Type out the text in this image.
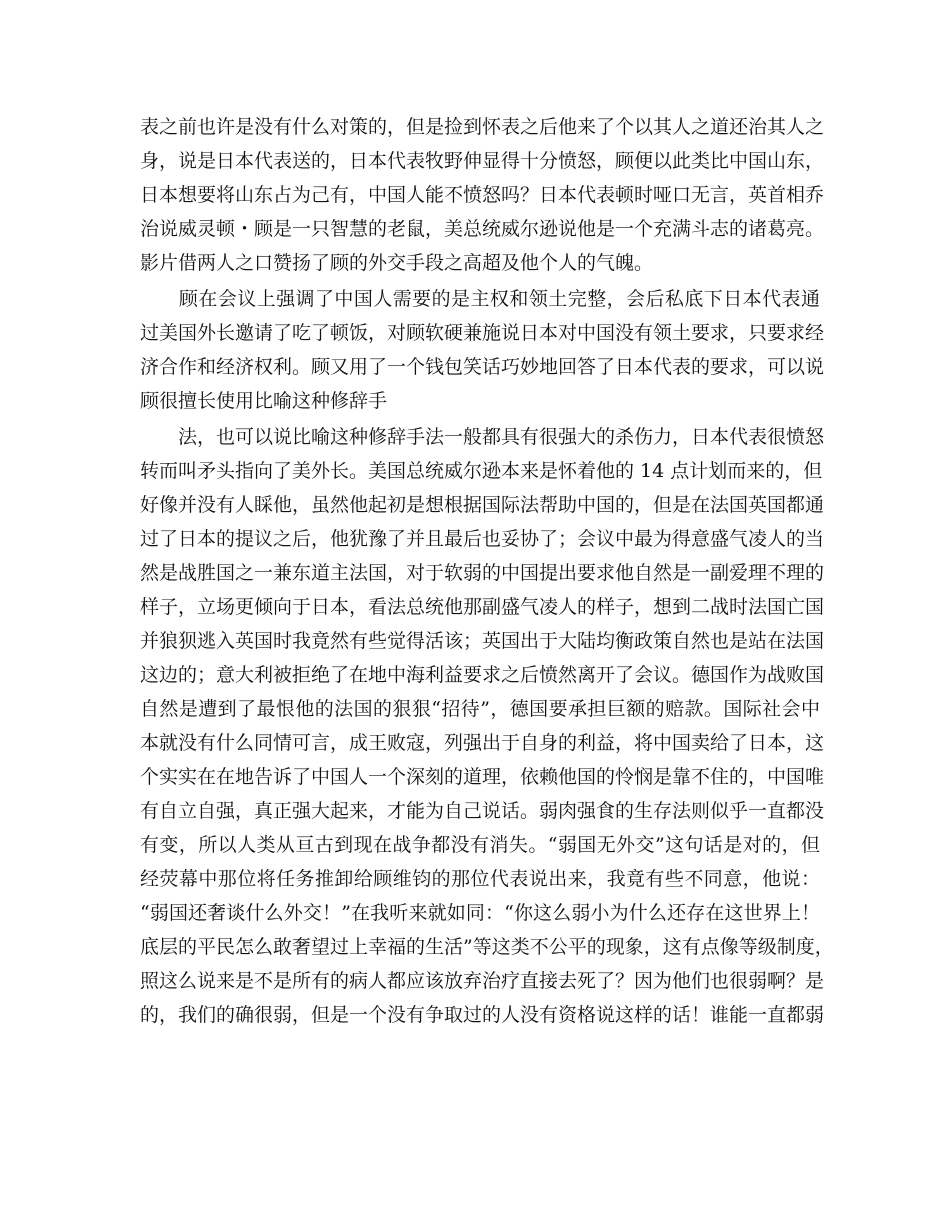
表之前也许是没有什么对策的，但是捡到怀表之后他来了个以其人之道还治其人之
身，说是日本代表送的，日本代表牧野伸显得十分愤怒，顾便以此类比中国山东，
日本想要将山东占为己有，中国人能不愤怒吗？日本代表顿时哑口无言，英首相乔
治说威灵顿・顾是一只智慧的老鼠，美总统威尔逊说他是一个充满斗志的诸葛亮。
影片借两人之口赞扬了顾的外交手段之高超及他个人的气魄。
　　顾在会议上强调了中国人需要的是主权和领土完整，会后私底下日本代表通
过美国外长邀请了吃了顿饭，对顾软硬兼施说日本对中国没有领土要求，只要求经
济合作和经济权利。顾又用了一个钱包笑话巧妙地回答了日本代表的要求，可以说
顾很擅长使用比喻这种修辞手
　　法，也可以说比喻这种修辞手法一般都具有很强大的杀伤力，日本代表很愤怒
转而叫矛头指向了美外长。美国总统威尔逊本来是怀着他的 14 点计划而来的，但
好像并没有人睬他，虽然他起初是想根据国际法帮助中国的，但是在法国英国都通
过了日本的提议之后，他犹豫了并且最后也妥协了；会议中最为得意盛气凌人的当
然是战胜国之一兼东道主法国，对于软弱的中国提出要求他自然是一副爱理不理的
样子，立场更倾向于日本，看法总统他那副盛气凌人的样子，想到二战时法国亡国
并狼狈逃入英国时我竟然有些觉得活该；英国出于大陆均衡政策自然也是站在法国
这边的；意大利被拒绝了在地中海利益要求之后愤然离开了会议。德国作为战败国
自然是遭到了最恨他的法国的狠狠“招待”，德国要承担巨额的赔款。国际社会中
本就没有什么同情可言，成王败寇，列强出于自身的利益，将中国卖给了日本，这
个实实在在地告诉了中国人一个深刻的道理，依赖他国的怜悯是靠不住的，中国唯
有自立自强，真正强大起来，才能为自己说话。弱肉强食的生存法则似乎一直都没
有变，所以人类从亘古到现在战争都没有消失。“弱国无外交”这句话是对的，但
经荧幕中那位将任务推卸给顾维钧的那位代表说出来，我竟有些不同意，他说：
“弱国还奢谈什么外交！”在我听来就如同：“你这么弱小为什么还存在这世界上！
底层的平民怎么敢奢望过上幸福的生活”等这类不公平的现象，这有点像等级制度，
照这么说来是不是所有的病人都应该放弃治疗直接去死了？因为他们也很弱啊？是
的，我们的确很弱，但是一个没有争取过的人没有资格说这样的话！谁能一直都弱
